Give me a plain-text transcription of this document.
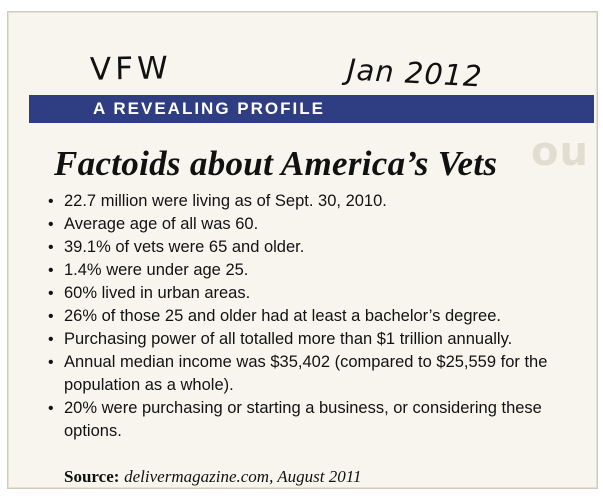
ou
VFW	Jan 2012
A REVEALING PROFILE
Factoids about America’s Vets
• 22.7 million were living as of Sept. 30, 2010.
• Average age of all was 60.
• 39.1% of vets were 65 and older.
• 1.4% were under age 25.
• 60% lived in urban areas.
• 26% of those 25 and older had at least a bachelor’s degree.
• Purchasing power of all totalled more than $1 trillion annually.
• Annual median income was $35,402 (compared to $25,559 for the population as a whole).
• 20% were purchasing or starting a business, or considering these options.
Source: delivermagazine.com, August 2011
